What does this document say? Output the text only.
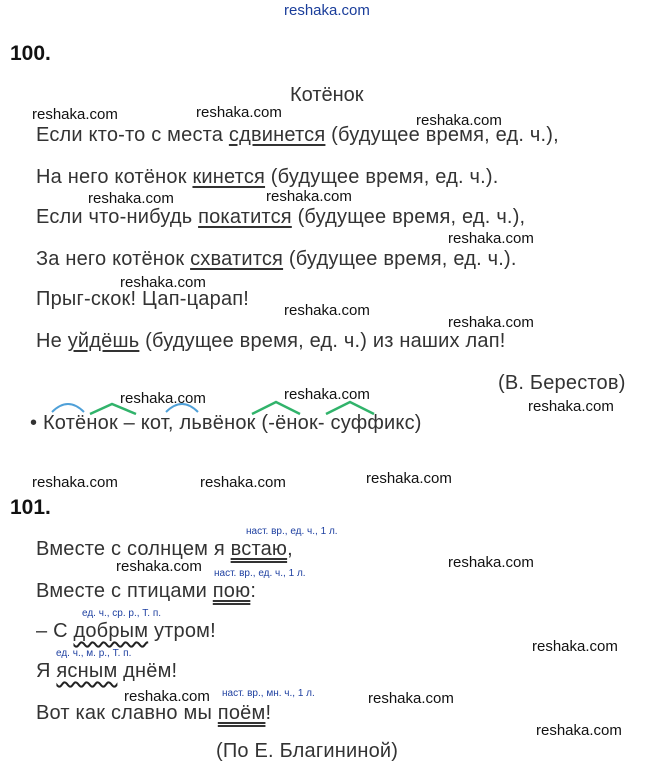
reshaka.com
100.
Котёнок
Если кто-то с места сдвинется (будущее время, ед. ч.),
На него котёнок кинется (будущее время, ед. ч.).
Если что-нибудь покатится (будущее время, ед. ч.),
За него котёнок схватится (будущее время, ед. ч.).
Прыг-скок! Цап-царап!
Не уйдёшь (будущее время, ед. ч.) из наших лап!
(В. Берестов)
• Котёнок – кот, львёнок (-ёнок- суффикс)
101.
наст. вр., ед. ч., 1 л.
Вместе с солнцем я встаю,
наст. вр., ед. ч., 1 л.
Вместе с птицами пою:
ед. ч., ср. р., Т. п.
– С добрым утром!
ед. ч., м. р., Т. п.
Я ясным днём!
наст. вр., мн. ч., 1 л.
Вот как славно мы поём!
(По Е. Благининой)
reshaka.com	reshaka.com	reshaka.com
reshaka.com	reshaka.com
reshaka.com
reshaka.com
reshaka.com
reshaka.com
reshaka.com	reshaka.com
reshaka.com
reshaka.com	reshaka.com	reshaka.com
reshaka.com	reshaka.com
reshaka.com
reshaka.com	reshaka.com
reshaka.com
